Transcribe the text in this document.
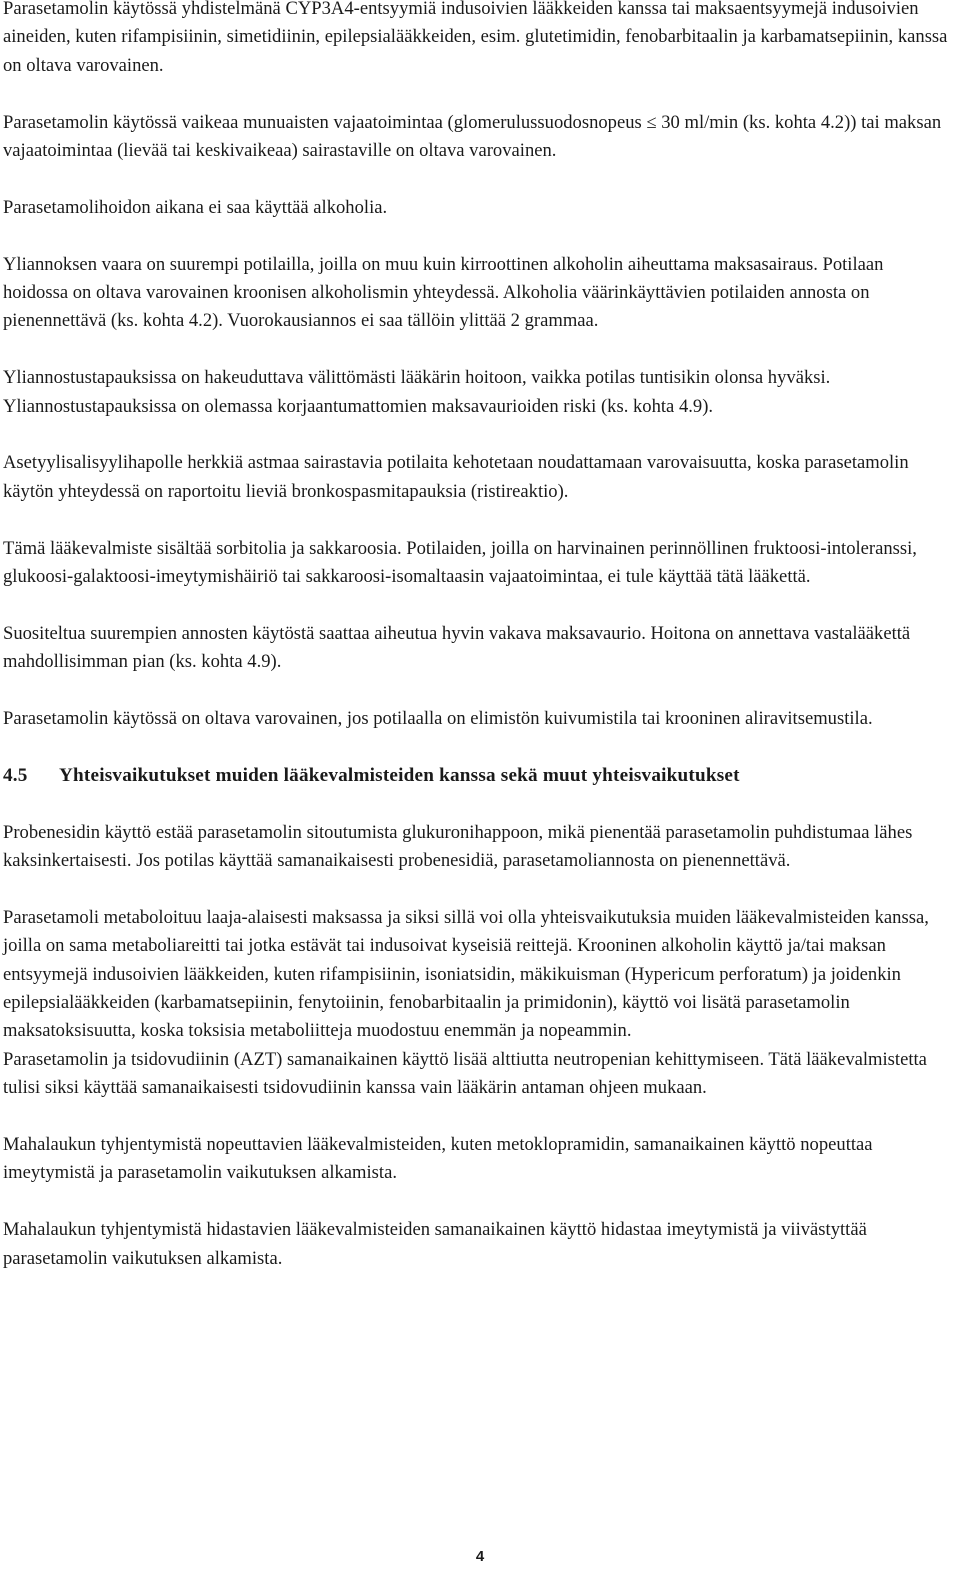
Parasetamolin käytössä yhdistelmänä CYP3A4-entsyymiä indusoivien lääkkeiden kanssa tai maksaentsyymejä indusoivien aineiden, kuten rifampisiinin, simetidiinin, epilepsialääkkeiden, esim. glutetimidin, fenobarbitaalin ja karbamatsepiinin, kanssa on oltava varovainen.

Parasetamolin käytössä vaikeaa munuaisten vajaatoimintaa (glomerulussuodosnopeus ≤ 30 ml/min (ks. kohta 4.2)) tai maksan vajaatoimintaa (lievää tai keskivaikeaa) sairastaville on oltava varovainen.

Parasetamolihoidon aikana ei saa käyttää alkoholia.

Yliannoksen vaara on suurempi potilailla, joilla on muu kuin kirroottinen alkoholin aiheuttama maksasairaus. Potilaan hoidossa on oltava varovainen kroonisen alkoholismin yhteydessä. Alkoholia väärinkäyttävien potilaiden annosta on pienennettävä (ks. kohta 4.2). Vuorokausiannos ei saa tällöin ylittää 2 grammaa.

Yliannostustapauksissa on hakeuduttava välittömästi lääkärin hoitoon, vaikka potilas tuntisikin olonsa hyväksi. Yliannostustapauksissa on olemassa korjaantumattomien maksavaurioiden riski (ks. kohta 4.9).

Asetyylisalisyylihapolle herkkiä astmaa sairastavia potilaita kehotetaan noudattamaan varovaisuutta, koska parasetamolin käytön yhteydessä on raportoitu lieviä bronkospasmitapauksia (ristireaktio).

Tämä lääkevalmiste sisältää sorbitolia ja sakkaroosia. Potilaiden, joilla on harvinainen perinnöllinen fruktoosi-intoleranssi, glukoosi-galaktoosi-imeytymishäiriö tai sakkaroosi-isomaltaasin vajaatoimintaa, ei tule käyttää tätä lääkettä.

Suositeltua suurempien annosten käytöstä saattaa aiheutua hyvin vakava maksavaurio. Hoitona on annettava vastalääkettä mahdollisimman pian (ks. kohta 4.9).

Parasetamolin käytössä on oltava varovainen, jos potilaalla on elimistön kuivumistila tai krooninen aliravitsemustila.

4.5 Yhteisvaikutukset muiden lääkevalmisteiden kanssa sekä muut yhteisvaikutukset

Probenesidin käyttö estää parasetamolin sitoutumista glukuronihappoon, mikä pienentää parasetamolin puhdistumaa lähes kaksinkertaisesti. Jos potilas käyttää samanaikaisesti probenesidiä, parasetamoliannosta on pienennettävä.

Parasetamoli metaboloituu laaja-alaisesti maksassa ja siksi sillä voi olla yhteisvaikutuksia muiden lääkevalmisteiden kanssa, joilla on sama metaboliareitti tai jotka estävät tai indusoivat kyseisiä reittejä. Krooninen alkoholin käyttö ja/tai maksan entsyymejä indusoivien lääkkeiden, kuten rifampisiinin, isoniatsidin, mäkikuisman (Hypericum perforatum) ja joidenkin epilepsialääkkeiden (karbamatsepiinin, fenytoiinin, fenobarbitaalin ja primidonin), käyttö voi lisätä parasetamolin maksatoksisuutta, koska toksisia metaboliitteja muodostuu enemmän ja nopeammin.

Parasetamolin ja tsidovudiinin (AZT) samanaikainen käyttö lisää alttiutta neutropenian kehittymiseen. Tätä lääkevalmistetta tulisi siksi käyttää samanaikaisesti tsidovudiinin kanssa vain lääkärin antaman ohjeen mukaan.

Mahalaukun tyhjentymistä nopeuttavien lääkevalmisteiden, kuten metoklopramidin, samanaikainen käyttö nopeuttaa imeytymistä ja parasetamolin vaikutuksen alkamista.

Mahalaukun tyhjentymistä hidastavien lääkevalmisteiden samanaikainen käyttö hidastaa imeytymistä ja viivästyttää parasetamolin vaikutuksen alkamista.

4
